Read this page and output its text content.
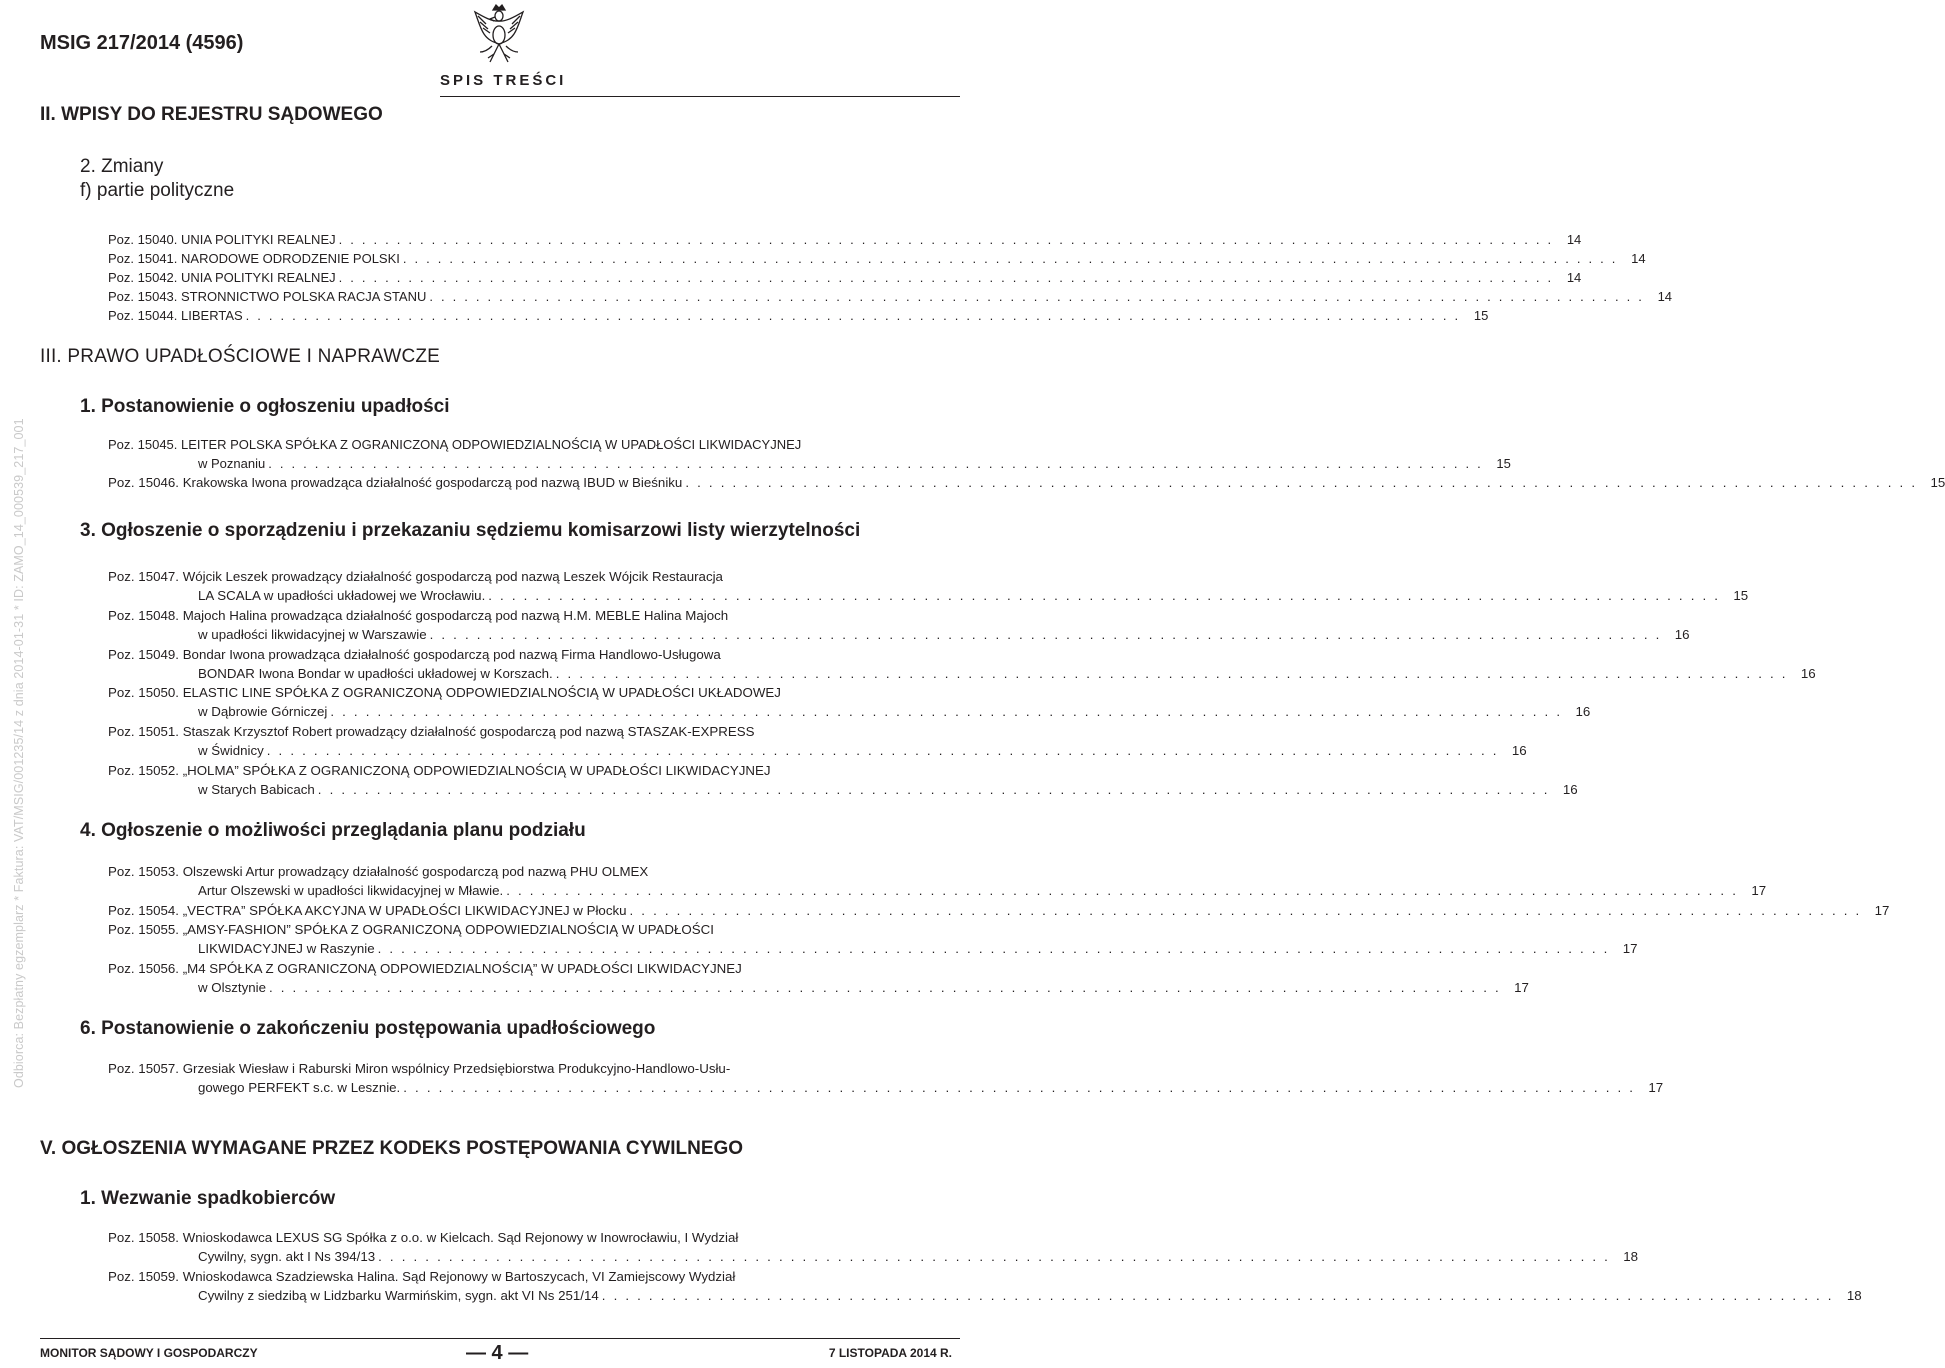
Odbiorca: Bezpłatny egzemplarz * Faktura: VAT/MSIG/001235/14 z dnia 2014-01-31 * ID: ZAMO_14_000539_217_001
MSIG 217/2014 (4596)
SPIS TREŚCI
II. WPISY DO REJESTRU SĄDOWEGO
2. Zmiany
f) partie polityczne
Poz. 15040.
UNIA POLITYKI REALNEJ . . . . . . . . . . . . . . . . . . . . . . . . . . . . . . . . . . . . . . . . . . . . . . . . . . . . . . . . . . . . . . . . . . . . . . . . . . . . . . . . . . . . . . . . . . . . . . . . . . . . . . . . .	14
Poz. 15041.
NARODOWE ODRODZENIE POLSKI . . . . . . . . . . . . . . . . . . . . . . . . . . . . . . . . . . . . . . . . . . . . . . . . . . . . . . . . . . . . . . . . . . . . . . . . . . . . . . . . . . . . . . . . . . . . . . . . . . . . . . . . .	14
Poz. 15042.
UNIA POLITYKI REALNEJ . . . . . . . . . . . . . . . . . . . . . . . . . . . . . . . . . . . . . . . . . . . . . . . . . . . . . . . . . . . . . . . . . . . . . . . . . . . . . . . . . . . . . . . . . . . . . . . . . . . . . . . . .	14
Poz. 15043.
STRONNICTWO POLSKA RACJA STANU . . . . . . . . . . . . . . . . . . . . . . . . . . . . . . . . . . . . . . . . . . . . . . . . . . . . . . . . . . . . . . . . . . . . . . . . . . . . . . . . . . . . . . . . . . . . . . . . . . . . . . . . .	14
Poz. 15044.
LIBERTAS . . . . . . . . . . . . . . . . . . . . . . . . . . . . . . . . . . . . . . . . . . . . . . . . . . . . . . . . . . . . . . . . . . . . . . . . . . . . . . . . . . . . . . . . . . . . . . . . . . . . . . . . .	15
III. PRAWO UPADŁOŚCIOWE I NAPRAWCZE
1. Postanowienie o ogłoszeniu upadłości
Poz. 15045.
LEITER POLSKA SPÓŁKA Z OGRANICZONĄ ODPOWIEDZIALNOŚCIĄ W UPADŁOŚCI LIKWIDACYJNEJ
w Poznaniu . . . . . . . . . . . . . . . . . . . . . . . . . . . . . . . . . . . . . . . . . . . . . . . . . . . . . . . . . . . . . . . . . . . . . . . . . . . . . . . . . . . . . . . . . . . . . . . . . . . . . . . . .	15
Poz. 15046.
Krakowska Iwona prowadząca działalność gospodarczą pod nazwą IBUD w Bieśniku . . . . . . . . . . . . . . . . . . . . . . . . . . . . . . . . . . . . . . . . . . . . . . . . . . . . . . . . . . . . . . . . . . . . . . . . . . . . . . . . . . . . . . . . . . . . . . . . . . . . . . . . . 15
3. Ogłoszenie o sporządzeniu i przekazaniu sędziemu komisarzowi listy wierzytelności
Poz. 15047.
Wójcik Leszek prowadzący działalność gospodarczą pod nazwą Leszek Wójcik Restauracja
LA SCALA w upadłości układowej we Wrocławiu. . . . . . . . . . . . . . . . . . . . . . . . . . . . . . . . . . . . . . . . . . . . . . . . . . . . . . . . . . . . . . . . . . . . . . . . . . . . . . . . . . . . . . . . . . . . . . . . . . . . . . . . . . 15
Poz. 15048.
Majoch Halina prowadząca działalność gospodarczą pod nazwą H.M. MEBLE Halina Majoch
w upadłości likwidacyjnej w Warszawie . . . . . . . . . . . . . . . . . . . . . . . . . . . . . . . . . . . . . . . . . . . . . . . . . . . . . . . . . . . . . . . . . . . . . . . . . . . . . . . . . . . . . . . . . . . . . . . . . . . . . . . . . 16
Poz. 15049.
Bondar Iwona prowadząca działalność gospodarczą pod nazwą Firma Handlowo-Usługowa
BONDAR Iwona Bondar w upadłości układowej w Korszach. . . . . . . . . . . . . . . . . . . . . . . . . . . . . . . . . . . . . . . . . . . . . . . . . . . . . . . . . . . . . . . . . . . . . . . . . . . . . . . . . . . . . . . . . . . . . . . . . . . . . . . . . . 16
Poz. 15050.
ELASTIC LINE SPÓŁKA Z OGRANICZONĄ ODPOWIEDZIALNOŚCIĄ W UPADŁOŚCI UKŁADOWEJ
w Dąbrowie Górniczej . . . . . . . . . . . . . . . . . . . . . . . . . . . . . . . . . . . . . . . . . . . . . . . . . . . . . . . . . . . . . . . . . . . . . . . . . . . . . . . . . . . . . . . . . . . . . . . . . . . . . . . . . 16
Poz. 15051.
Staszak Krzysztof Robert prowadzący działalność gospodarczą pod nazwą STASZAK-EXPRESS
w Świdnicy . . . . . . . . . . . . . . . . . . . . . . . . . . . . . . . . . . . . . . . . . . . . . . . . . . . . . . . . . . . . . . . . . . . . . . . . . . . . . . . . . . . . . . . . . . . . . . . . . . . . . . . . . 16
Poz. 15052.
„HOLMA” SPÓŁKA Z OGRANICZONĄ ODPOWIEDZIALNOŚCIĄ W UPADŁOŚCI LIKWIDACYJNEJ
w Starych Babicach . . . . . . . . . . . . . . . . . . . . . . . . . . . . . . . . . . . . . . . . . . . . . . . . . . . . . . . . . . . . . . . . . . . . . . . . . . . . . . . . . . . . . . . . . . . . . . . . . . . . . . . . . 16
4. Ogłoszenie o możliwości przeglądania planu podziału
Poz. 15053.
Olszewski Artur prowadzący działalność gospodarczą pod nazwą PHU OLMEX
Artur Olszewski w upadłości likwidacyjnej w Mławie. . . . . . . . . . . . . . . . . . . . . . . . . . . . . . . . . . . . . . . . . . . . . . . . . . . . . . . . . . . . . . . . . . . . . . . . . . . . . . . . . . . . . . . . . . . . . . . . . . . . . . . . . . 17
Poz. 15054.
„VECTRA” SPÓŁKA AKCYJNA W UPADŁOŚCI LIKWIDACYJNEJ w Płocku . . . . . . . . . . . . . . . . . . . . . . . . . . . . . . . . . . . . . . . . . . . . . . . . . . . . . . . . . . . . . . . . . . . . . . . . . . . . . . . . . . . . . . . . . . . . . . . . . . . . . . . . . 17
Poz. 15055.
„AMSY-FASHION” SPÓŁKA Z OGRANICZONĄ ODPOWIEDZIALNOŚCIĄ W UPADŁOŚCI
LIKWIDACYJNEJ w Raszynie . . . . . . . . . . . . . . . . . . . . . . . . . . . . . . . . . . . . . . . . . . . . . . . . . . . . . . . . . . . . . . . . . . . . . . . . . . . . . . . . . . . . . . . . . . . . . . . . . . . . . . . . . 17
Poz. 15056.
„M4 SPÓŁKA Z OGRANICZONĄ ODPOWIEDZIALNOŚCIĄ” W UPADŁOŚCI LIKWIDACYJNEJ
w Olsztynie . . . . . . . . . . . . . . . . . . . . . . . . . . . . . . . . . . . . . . . . . . . . . . . . . . . . . . . . . . . . . . . . . . . . . . . . . . . . . . . . . . . . . . . . . . . . . . . . . . . . . . . . . 17
6. Postanowienie o zakończeniu postępowania upadłościowego
Poz. 15057.
Grzesiak Wiesław i Raburski Miron wspólnicy Przedsiębiorstwa Produkcyjno-Handlowo-Usłu-
gowego PERFEKT s.c. w Lesznie. . . . . . . . . . . . . . . . . . . . . . . . . . . . . . . . . . . . . . . . . . . . . . . . . . . . . . . . . . . . . . . . . . . . . . . . . . . . . . . . . . . . . . . . . . . . . . . . . . . . . . . . . . 17
V. OGŁOSZENIA WYMAGANE PRZEZ KODEKS POSTĘPOWANIA CYWILNEGO
1. Wezwanie spadkobierców
Poz. 15058.
Wnioskodawca LEXUS SG Spółka z o.o. w Kielcach. Sąd Rejonowy w Inowrocławiu, I Wydział
Cywilny, sygn. akt I Ns 394/13 . . . . . . . . . . . . . . . . . . . . . . . . . . . . . . . . . . . . . . . . . . . . . . . . . . . . . . . . . . . . . . . . . . . . . . . . . . . . . . . . . . . . . . . . . . . . . . . . . . . . . . . . . 18
Poz. 15059.
Wnioskodawca Szadziewska Halina. Sąd Rejonowy w Bartoszycach, VI Zamiejscowy Wydział
Cywilny z siedzibą w Lidzbarku Warmińskim, sygn. akt VI Ns 251/14 . . . . . . . . . . . . . . . . . . . . . . . . . . . . . . . . . . . . . . . . . . . . . . . . . . . . . . . . . . . . . . . . . . . . . . . . . . . . . . . . . . . . . . . . . . . . . . . . . . . . . . . . . 18
MONITOR SĄDOWY I GOSPODARCZY	— 4 —	7 LISTOPADA 2014 R.
